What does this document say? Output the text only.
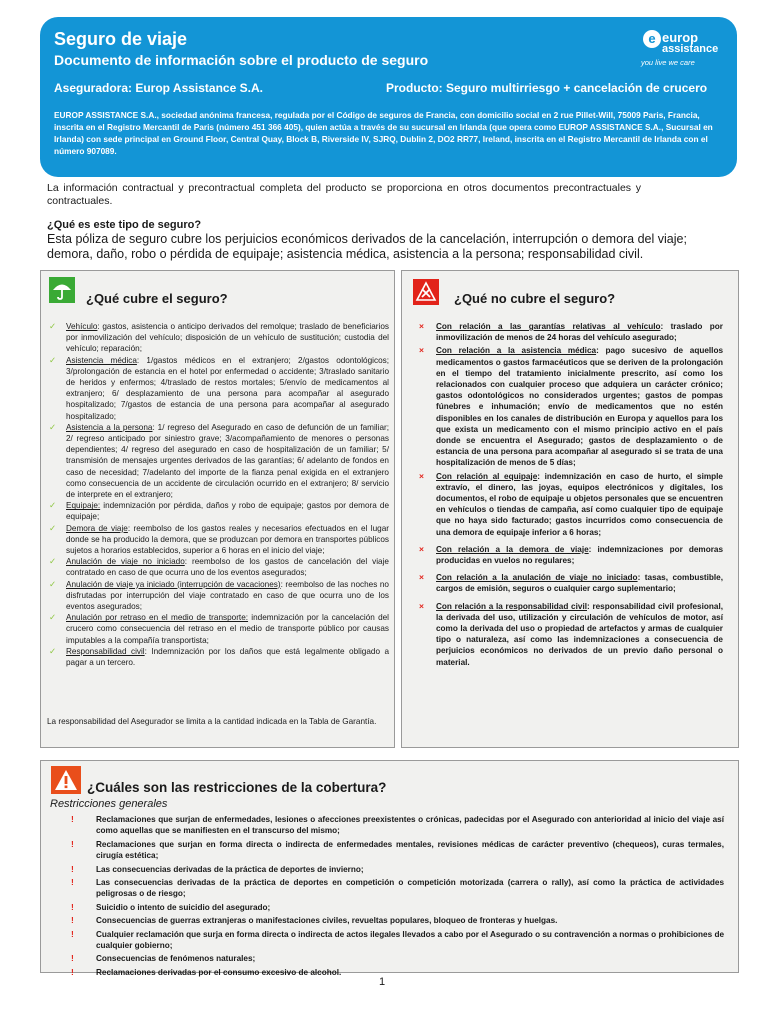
Seguro de viaje
Documento de información sobre el producto de seguro
Aseguradora: Europ Assistance S.A.	Producto: Seguro multirriesgo + cancelación de crucero
EUROP ASSISTANCE S.A., sociedad anónima francesa, regulada por el Código de seguros de Francia, con domicilio social en 2 rue Pillet-Will, 75009 Paris, Francia, inscrita en el Registro Mercantil de Paris (número 451 366 405), quien actúa a través de su sucursal en Irlanda (que opera como EUROP ASSISTANCE S.A., Sucursal en Irlanda) con sede principal en Ground Floor, Central Quay, Block B, Riverside IV, SJRQ, Dublin 2, DO2 RR77, Ireland, inscrita en el Registro Mercantil de Irlanda con el número 907089.
e europ
assistance
you live we care
La información contractual y precontractual completa del producto se proporciona en otros documentos precontractuales y contractuales.
¿Qué es este tipo de seguro?
Esta póliza de seguro cubre los perjuicios económicos derivados de la cancelación, interrupción o demora del viaje; demora, daño, robo o pérdida de equipaje; asistencia médica, asistencia a la persona; responsabilidad civil.
¿Qué cubre el seguro?
✓ Vehículo: gastos, asistencia o anticipo derivados del remolque; traslado de beneficiarios por inmovilización del vehículo; disposición de un vehículo de sustitución; custodia del vehículo; reparación;
✓ Asistencia médica: 1/gastos médicos en el extranjero; 2/gastos odontológicos; 3/prolongación de estancia en el hotel por enfermedad o accidente; 3/traslado sanitario de heridos y enfermos; 4/traslado de restos mortales; 5/envío de medicamentos al extranjero; 6/ desplazamiento de una persona para acompañar al asegurado hospitalizado; 7/gastos de estancia de una persona para acompañar al asegurado hospitalizado;
✓ Asistencia a la persona: 1/ regreso del Asegurado en caso de defunción de un familiar; 2/ regreso anticipado por siniestro grave; 3/acompañamiento de menores o personas dependientes; 4/ regreso del asegurado en caso de hospitalización de un familiar; 5/ transmisión de mensajes urgentes derivados de las garantías; 6/ adelanto de fondos en caso de necesidad; 7/adelanto del importe de la fianza penal exigida en el extranjero como consecuencia de un accidente de circulación ocurrido en el extranjero; 8/ servicio de interprete en el extranjero;
✓ Equipaje: indemnización por pérdida, daños y robo de equipaje; gastos por demora de equipaje;
✓ Demora de viaje: reembolso de los gastos reales y necesarios efectuados en el lugar donde se ha producido la demora, que se produzcan por demora en transportes públicos sujetos a horarios establecidos, superior a 6 horas en el inicio del viaje;
✓ Anulación de viaje no iniciado: reembolso de los gastos de cancelación del viaje contratado en caso de que ocurra uno de los eventos asegurados;
✓ Anulación de viaje ya iniciado (interrupción de vacaciones): reembolso de las noches no disfrutadas por interrupción del viaje contratado en caso de que ocurra uno de los eventos asegurados;
✓ Anulación por retraso en el medio de transporte: indemnización por la cancelación del crucero como consecuencia del retraso en el medio de transporte público por causas imputables a la compañía transportista;
✓ Responsabilidad civil: Indemnización por los daños que está legalmente obligado a pagar a un tercero.
La responsabilidad del Asegurador se limita a la cantidad indicada en la Tabla de Garantía.
¿Qué no cubre el seguro?
× Con relación a las garantías relativas al vehículo: traslado por inmovilización de menos de 24 horas del vehículo asegurado;
× Con relación a la asistencia médica: pago sucesivo de aquellos medicamentos o gastos farmacéuticos que se deriven de la prolongación en el tiempo del tratamiento inicialmente prescrito, así como los relacionados con cualquier proceso que adquiera un carácter crónico; gastos odontológicos no considerados urgentes; gastos de pompas fúnebres e inhumación; envío de medicamentos que no estén disponibles en los canales de distribución en Europa y aquellos para los que exista un medicamento con el mismo principio activo en el país donde se encuentra el Asegurado; gastos de desplazamiento o de estancia de una persona para acompañar al asegurado si se trata de una hospitalización de menos de 5 días;
× Con relación al equipaje: indemnización en caso de hurto, el simple extravío, el dinero, las joyas, equipos electrónicos y digitales, los documentos, el robo de equipaje u objetos personales que se encuentren en vehículos o tiendas de campaña, así como cualquier tipo de equipaje que no haya sido facturado; gastos incurridos como consecuencia de una demora de equipaje inferior a 6 horas;
× Con relación a la demora de viaje: indemnizaciones por demoras producidas en vuelos no regulares;
× Con relación a la anulación de viaje no iniciado: tasas, combustible, cargos de emisión, seguros o cualquier cargo suplementario;
× Con relación a la responsabilidad civil: responsabilidad civil profesional, la derivada del uso, utilización y circulación de vehículos de motor, así como la derivada del uso o propiedad de artefactos y armas de cualquier tipo o naturaleza, así como las indemnizaciones a consecuencia de perjuicios económicos no derivados de un previo daño personal o material.
¿Cuáles son las restricciones de la cobertura?
Restricciones generales
!	Reclamaciones que surjan de enfermedades, lesiones o afecciones preexistentes o crónicas, padecidas por el Asegurado con anterioridad al inicio del viaje así como aquellas que se manifiesten en el transcurso del mismo;
!	Reclamaciones que surjan en forma directa o indirecta de enfermedades mentales, revisiones médicas de carácter preventivo (chequeos), curas termales, cirugía estética;
!	Las consecuencias derivadas de la práctica de deportes de invierno;
!	Las consecuencias derivadas de la práctica de deportes en competición o competición motorizada (carrera o rally), así como la práctica de actividades peligrosas o de riesgo;
!	Suicidio o intento de suicidio del asegurado;
!	Consecuencias de guerras extranjeras o manifestaciones civiles, revueltas populares, bloqueo de fronteras y huelgas.
!	Cualquier reclamación que surja en forma directa o indirecta de actos ilegales llevados a cabo por el Asegurado o su contravención a normas o prohibiciones de cualquier gobierno;
!	Consecuencias de fenómenos naturales;
!	Reclamaciones derivadas por el consumo excesivo de alcohol.
1
